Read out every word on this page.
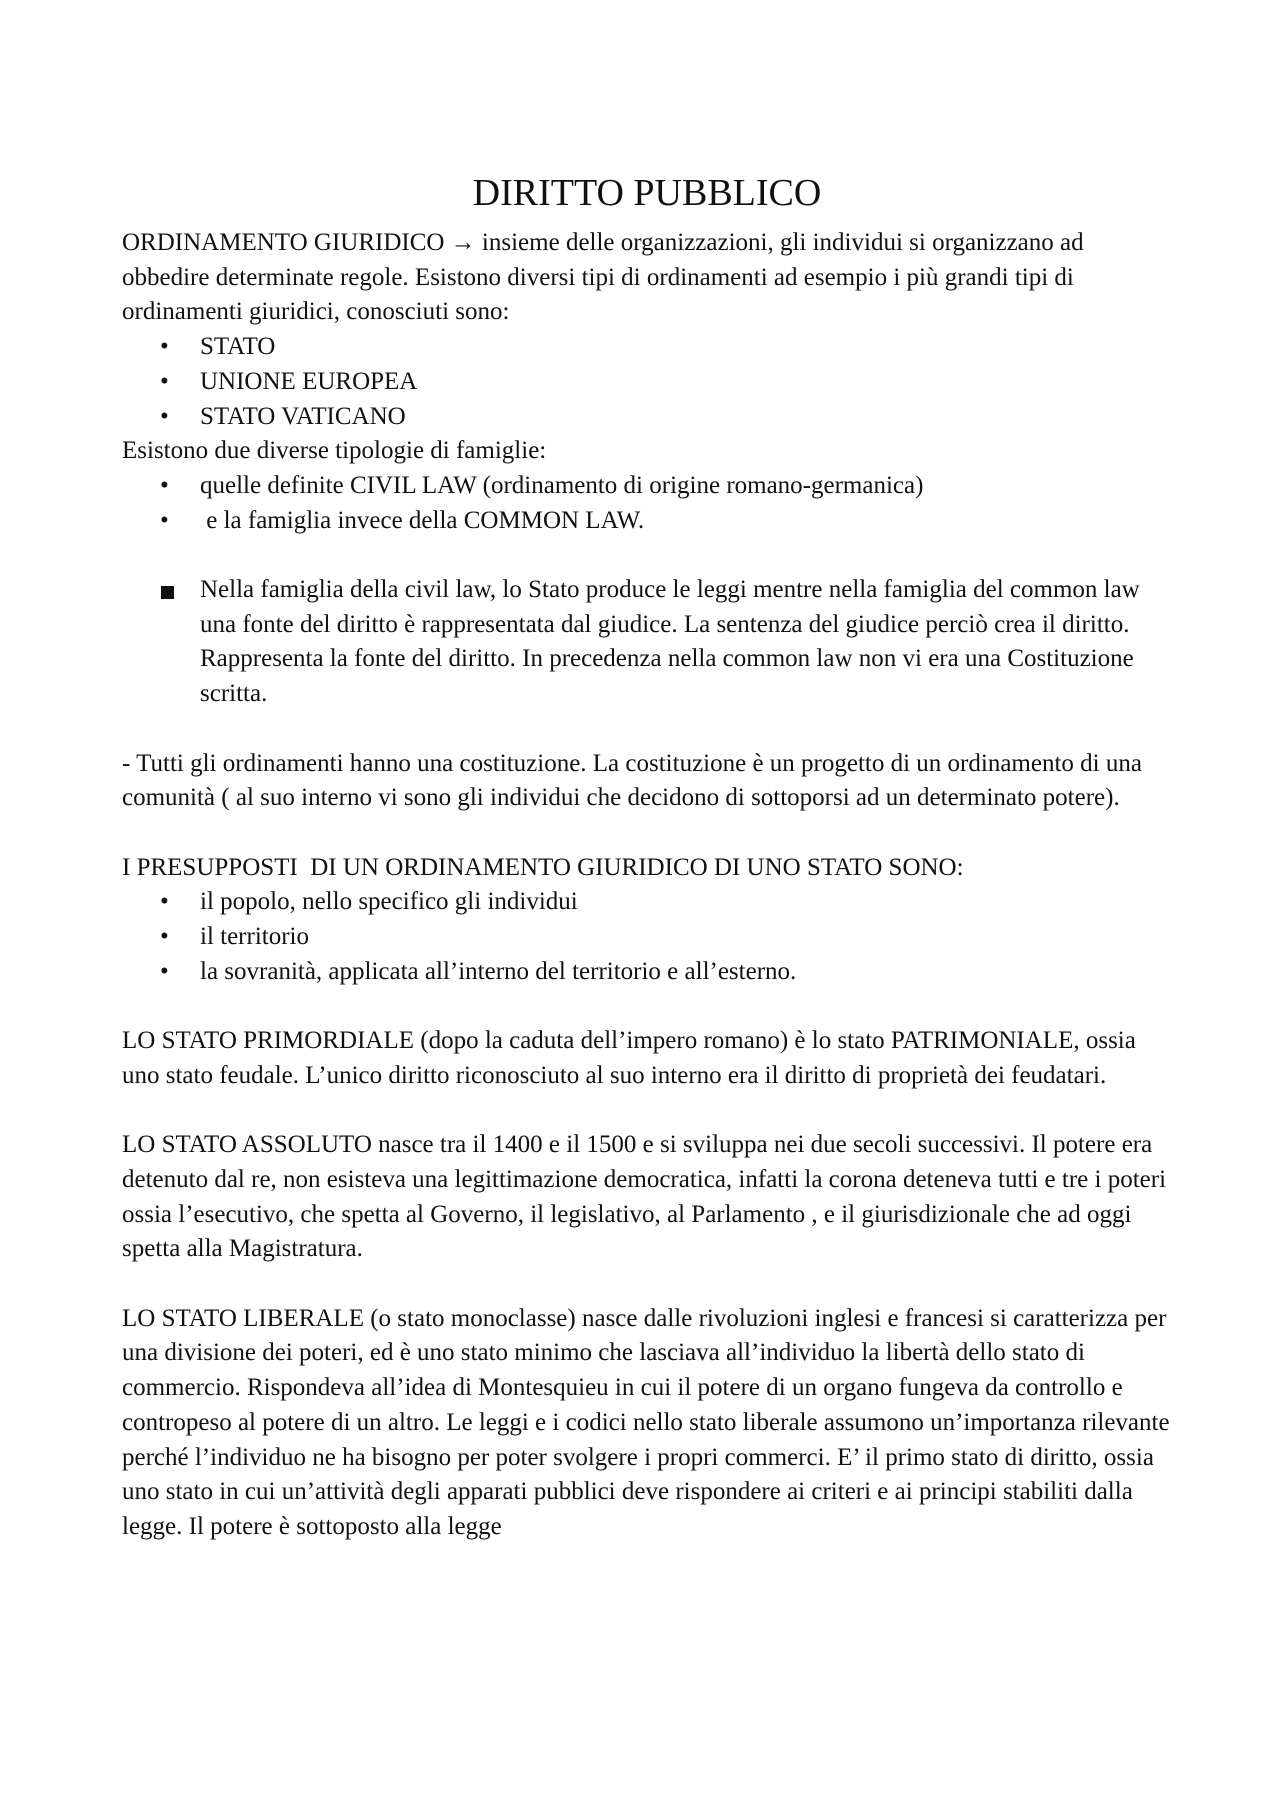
DIRITTO PUBBLICO

ORDINAMENTO GIURIDICO → insieme delle organizzazioni, gli individui si organizzano ad obbedire determinate regole. Esistono diversi tipi di ordinamenti ad esempio i più grandi tipi di ordinamenti giuridici, conosciuti sono:

• STATO
• UNIONE EUROPEA
• STATO VATICANO

Esistono due diverse tipologie di famiglie:

• quelle definite CIVIL LAW (ordinamento di origine romano-germanica)
• e la famiglia invece della COMMON LAW.
Nella famiglia della civil law, lo Stato produce le leggi mentre nella famiglia del common law una fonte del diritto è rappresentata dal giudice. La sentenza del giudice perciò crea il diritto. Rappresenta la fonte del diritto. In precedenza nella common law non vi era una Costituzione scritta.

- Tutti gli ordinamenti hanno una costituzione. La costituzione è un progetto di un ordinamento di una comunità ( al suo interno vi sono gli individui che decidono di sottoporsi ad un determinato potere).

I PRESUPPOSTI  DI UN ORDINAMENTO GIURIDICO DI UNO STATO SONO:

• il popolo, nello specifico gli individui
• il territorio
• la sovranità, applicata all’interno del territorio e all’esterno.

LO STATO PRIMORDIALE (dopo la caduta dell’impero romano) è lo stato PATRIMONIALE, ossia uno stato feudale. L’unico diritto riconosciuto al suo interno era il diritto di proprietà dei feudatari.

LO STATO ASSOLUTO nasce tra il 1400 e il 1500 e si sviluppa nei due secoli successivi. Il potere era detenuto dal re, non esisteva una legittimazione democratica, infatti la corona deteneva tutti e tre i poteri ossia l’esecutivo, che spetta al Governo, il legislativo, al Parlamento , e il giurisdizionale che ad oggi spetta alla Magistratura.

LO STATO LIBERALE (o stato monoclasse) nasce dalle rivoluzioni inglesi e francesi si caratterizza per una divisione dei poteri, ed è uno stato minimo che lasciava all’individuo la libertà dello stato di commercio. Rispondeva all’idea di Montesquieu in cui il potere di un organo fungeva da controllo e contropeso al potere di un altro. Le leggi e i codici nello stato liberale assumono un’importanza rilevante perché l’individuo ne ha bisogno per poter svolgere i propri commerci. E’ il primo stato di diritto, ossia uno stato in cui un’attività degli apparati pubblici deve rispondere ai criteri e ai principi stabiliti dalla legge. Il potere è sottoposto alla legge
